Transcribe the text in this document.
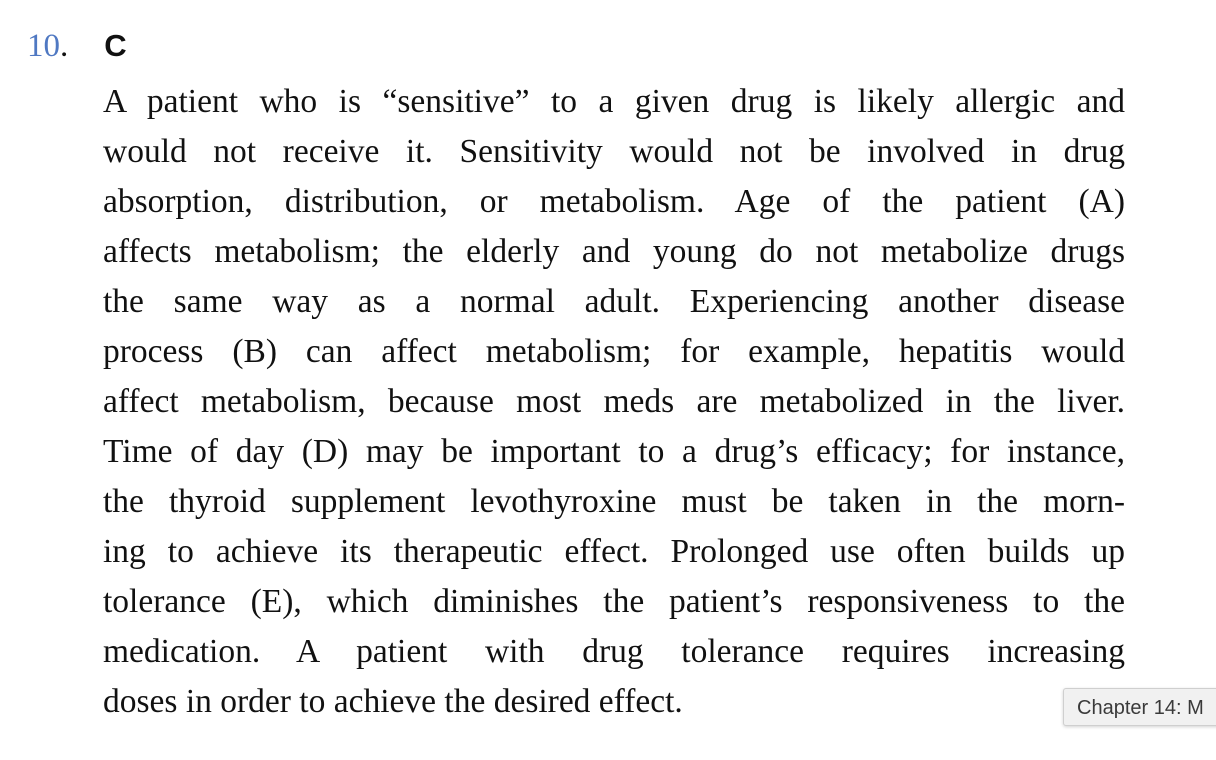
10 . C

A patient who is “sensitive” to a given drug is likely allergic and
would not receive it. Sensitivity would not be involved in drug
absorption, distribution, or metabolism. Age of the patient (A)
affects metabolism; the elderly and young do not metabolize drugs
the same way as a normal adult. Experiencing another disease
process (B) can affect metabolism; for example, hepatitis would
affect metabolism, because most meds are metabolized in the liver.
Time of day (D) may be important to a drug’s efficacy; for instance,
the thyroid supplement levothyroxine must be taken in the morn-
ing to achieve its therapeutic effect. Prolonged use often builds up
tolerance (E), which diminishes the patient’s responsiveness to the
medication. A patient with drug tolerance requires increasing
doses in order to achieve the desired effect.	Chapter 14: M
